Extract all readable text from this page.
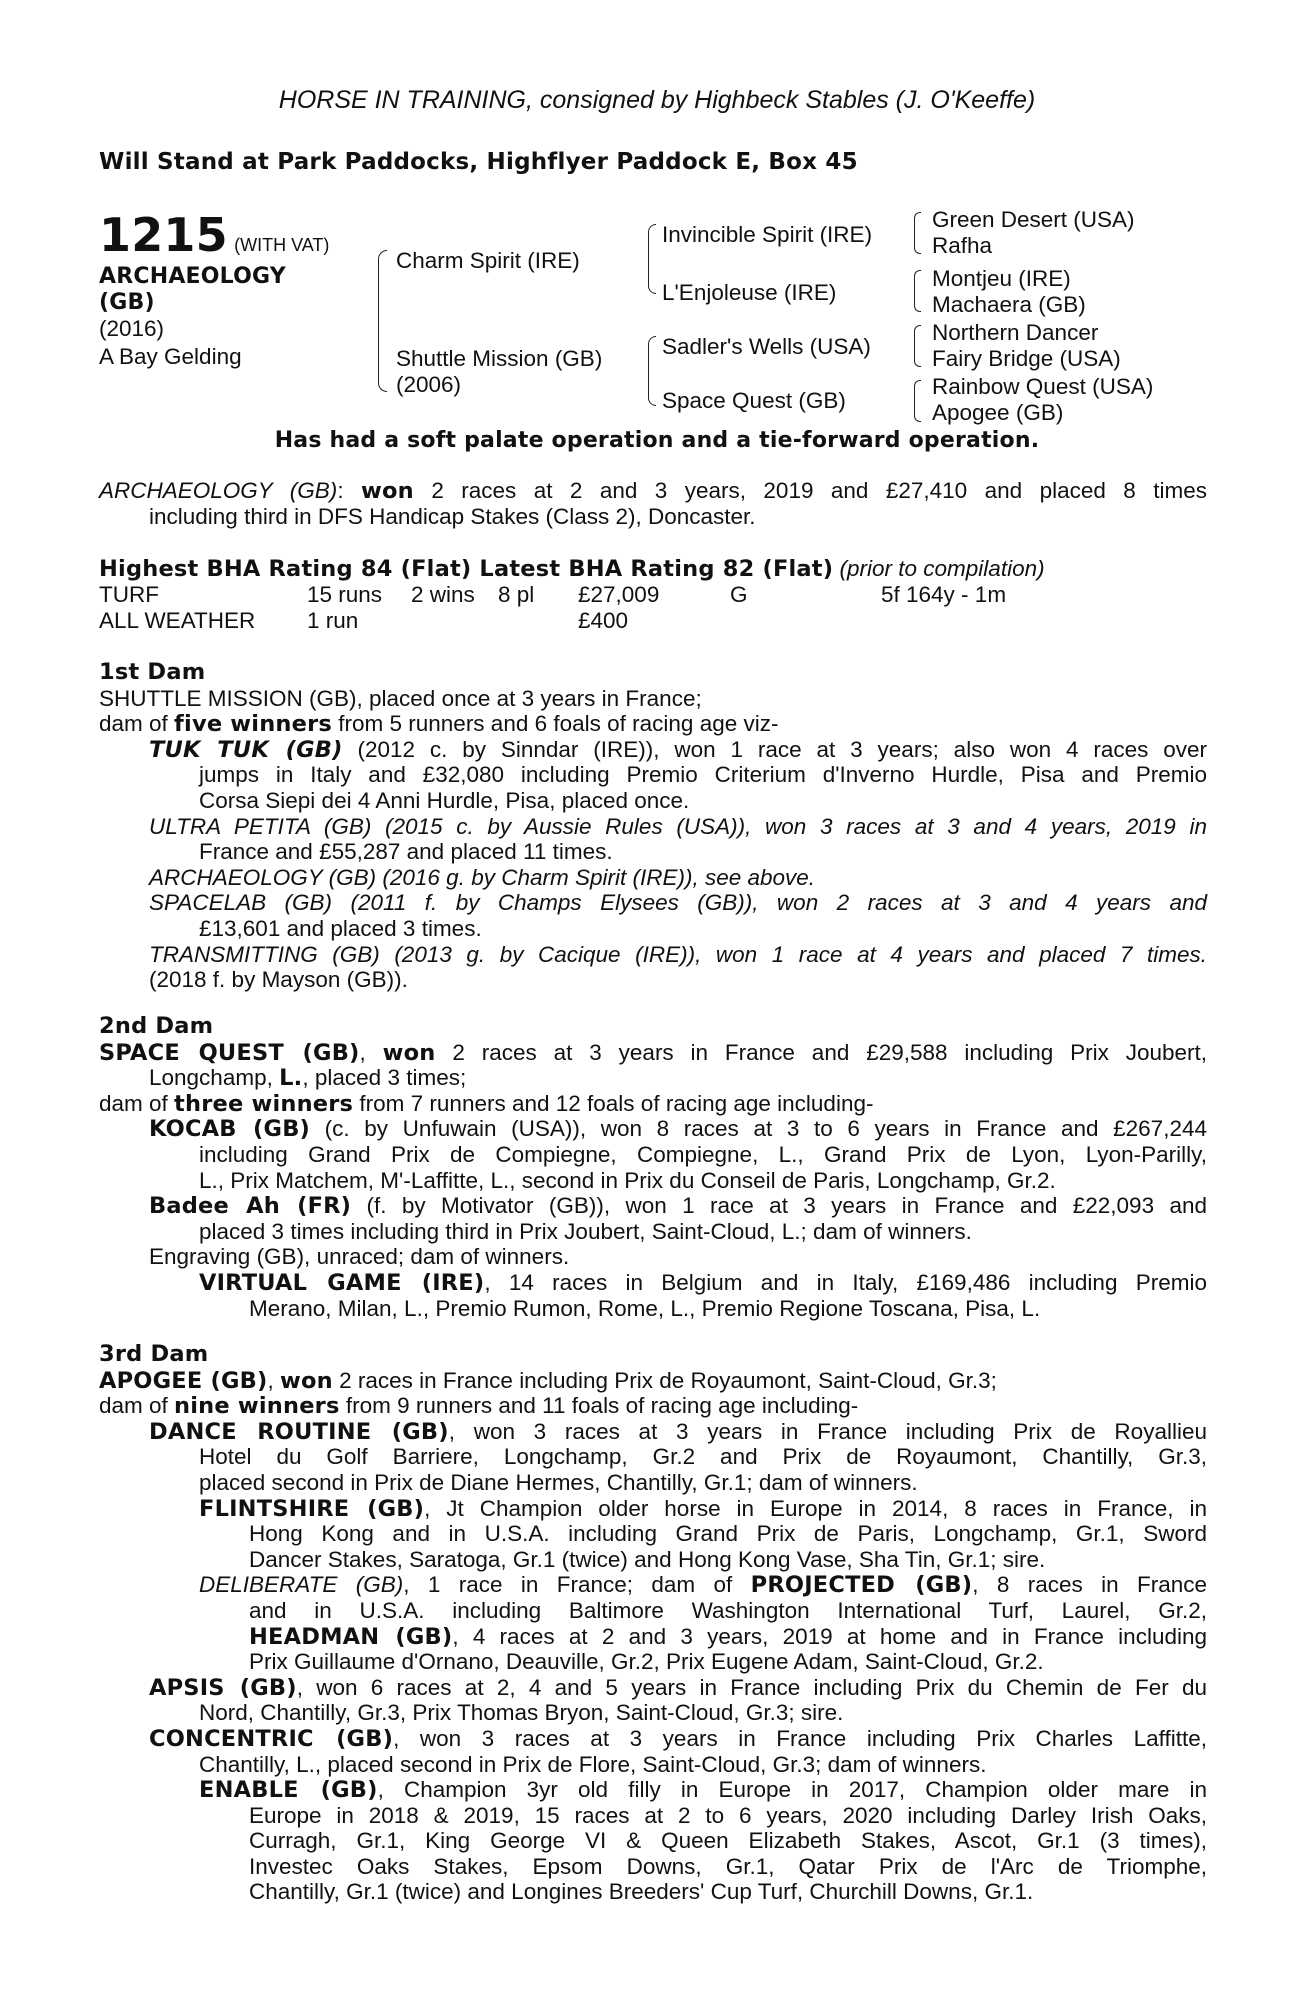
HORSE IN TRAINING, consigned by Highbeck Stables (J. O'Keeffe)
Will Stand at Park Paddocks, Highflyer Paddock E, Box 45
1215 (WITH VAT)
ARCHAEOLOGY
(GB)
(2016)
A Bay Gelding
Charm Spirit (IRE)
Shuttle Mission (GB)
(2006)
Invincible Spirit (IRE)
L'Enjoleuse (IRE)
Sadler's Wells (USA)
Space Quest (GB)
Green Desert (USA)
Rafha
Montjeu (IRE)
Machaera (GB)
Northern Dancer
Fairy Bridge (USA)
Rainbow Quest (USA)
Apogee (GB)
Has had a soft palate operation and a tie-forward operation.
ARCHAEOLOGY (GB): won 2 races at 2 and 3 years, 2019 and £27,410 and placed 8 times
including third in DFS Handicap Stakes (Class 2), Doncaster.
Highest BHA Rating 84 (Flat) Latest BHA Rating 82 (Flat) (prior to compilation)
TURF	15 runs 2 wins 8 pl £27,009	G	5f 164y - 1m
ALL WEATHER 1 run	£400
1st Dam
SHUTTLE MISSION (GB), placed once at 3 years in France;
dam of five winners from 5 runners and 6 foals of racing age viz-
TUK TUK (GB) (2012 c. by Sinndar (IRE)), won 1 race at 3 years; also won 4 races over
jumps in Italy and £32,080 including Premio Criterium d'Inverno Hurdle, Pisa and Premio
Corsa Siepi dei 4 Anni Hurdle, Pisa, placed once.
ULTRA PETITA (GB) (2015 c. by Aussie Rules (USA)), won 3 races at 3 and 4 years, 2019 in
France and £55,287 and placed 11 times.
ARCHAEOLOGY (GB) (2016 g. by Charm Spirit (IRE)), see above.
SPACELAB (GB) (2011 f. by Champs Elysees (GB)), won 2 races at 3 and 4 years and
£13,601 and placed 3 times.
TRANSMITTING (GB) (2013 g. by Cacique (IRE)), won 1 race at 4 years and placed 7 times.
(2018 f. by Mayson (GB)).
2nd Dam
SPACE QUEST (GB), won 2 races at 3 years in France and £29,588 including Prix Joubert,
Longchamp, L., placed 3 times;
dam of three winners from 7 runners and 12 foals of racing age including-
KOCAB (GB) (c. by Unfuwain (USA)), won 8 races at 3 to 6 years in France and £267,244
including Grand Prix de Compiegne, Compiegne, L., Grand Prix de Lyon, Lyon-Parilly,
L., Prix Matchem, M'-Laffitte, L., second in Prix du Conseil de Paris, Longchamp, Gr.2.
Badee Ah (FR) (f. by Motivator (GB)), won 1 race at 3 years in France and £22,093 and
placed 3 times including third in Prix Joubert, Saint-Cloud, L.; dam of winners.
Engraving (GB), unraced; dam of winners.
VIRTUAL GAME (IRE), 14 races in Belgium and in Italy, £169,486 including Premio
Merano, Milan, L., Premio Rumon, Rome, L., Premio Regione Toscana, Pisa, L.
3rd Dam
APOGEE (GB), won 2 races in France including Prix de Royaumont, Saint-Cloud, Gr.3;
dam of nine winners from 9 runners and 11 foals of racing age including-
DANCE ROUTINE (GB), won 3 races at 3 years in France including Prix de Royallieu
Hotel du Golf Barriere, Longchamp, Gr.2 and Prix de Royaumont, Chantilly, Gr.3,
placed second in Prix de Diane Hermes, Chantilly, Gr.1; dam of winners.
FLINTSHIRE (GB), Jt Champion older horse in Europe in 2014, 8 races in France, in
Hong Kong and in U.S.A. including Grand Prix de Paris, Longchamp, Gr.1, Sword
Dancer Stakes, Saratoga, Gr.1 (twice) and Hong Kong Vase, Sha Tin, Gr.1; sire.
DELIBERATE (GB), 1 race in France; dam of PROJECTED (GB), 8 races in France
and in U.S.A. including Baltimore Washington International Turf, Laurel, Gr.2,
HEADMAN (GB), 4 races at 2 and 3 years, 2019 at home and in France including
Prix Guillaume d'Ornano, Deauville, Gr.2, Prix Eugene Adam, Saint-Cloud, Gr.2.
APSIS (GB), won 6 races at 2, 4 and 5 years in France including Prix du Chemin de Fer du
Nord, Chantilly, Gr.3, Prix Thomas Bryon, Saint-Cloud, Gr.3; sire.
CONCENTRIC (GB), won 3 races at 3 years in France including Prix Charles Laffitte,
Chantilly, L., placed second in Prix de Flore, Saint-Cloud, Gr.3; dam of winners.
ENABLE (GB), Champion 3yr old filly in Europe in 2017, Champion older mare in
Europe in 2018 & 2019, 15 races at 2 to 6 years, 2020 including Darley Irish Oaks,
Curragh, Gr.1, King George VI & Queen Elizabeth Stakes, Ascot, Gr.1 (3 times),
Investec Oaks Stakes, Epsom Downs, Gr.1, Qatar Prix de l'Arc de Triomphe,
Chantilly, Gr.1 (twice) and Longines Breeders' Cup Turf, Churchill Downs, Gr.1.
